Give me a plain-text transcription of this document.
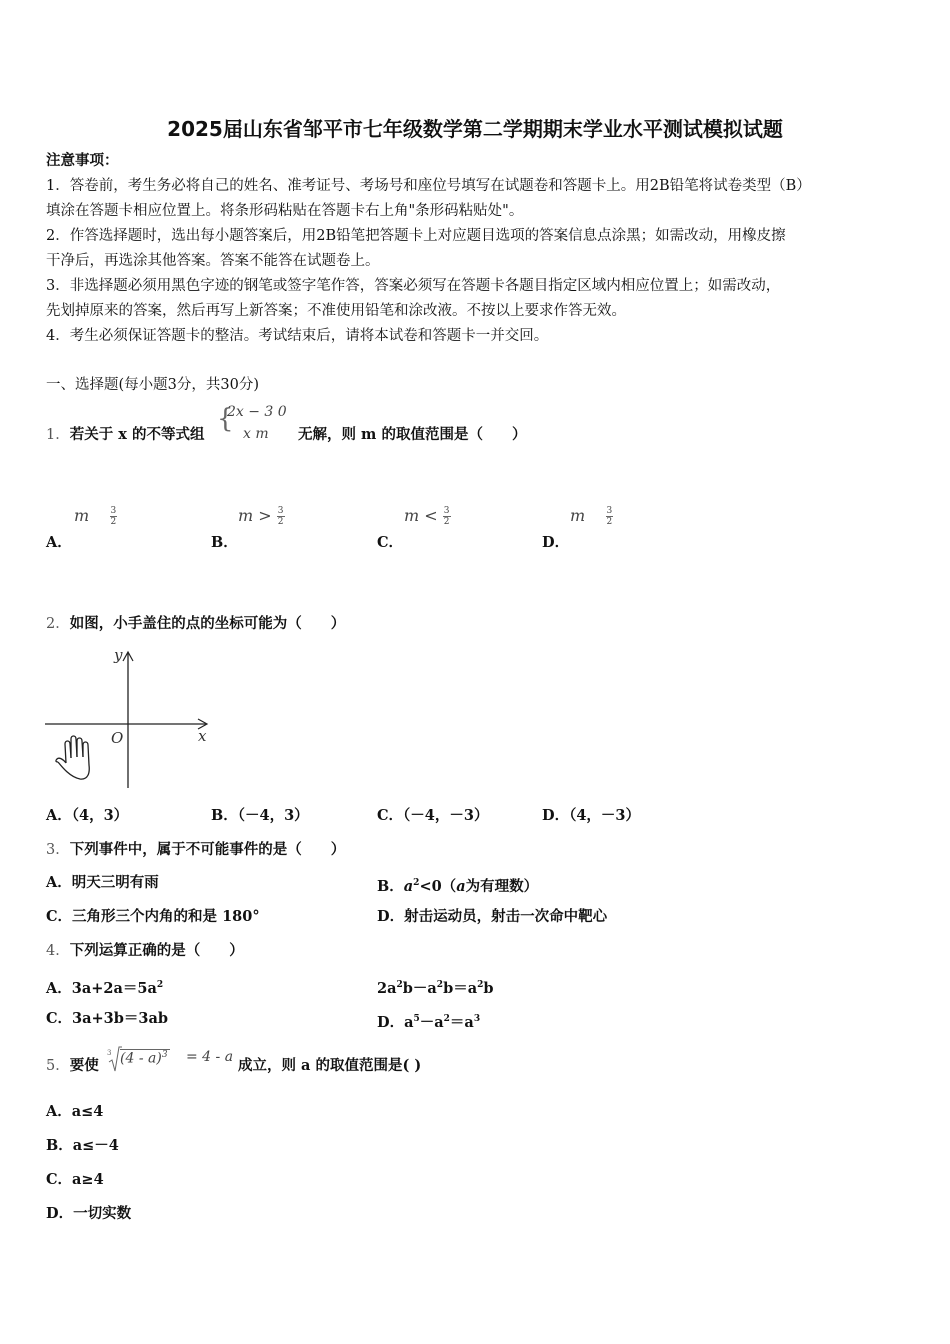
2025届山东省邹平市七年级数学第二学期期末学业水平测试模拟试题
注意事项：
1．答卷前，考生务必将自己的姓名、准考证号、考场号和座位号填写在试题卷和答题卡上。用2B铅笔将试卷类型（B）
填涂在答题卡相应位置上。将条形码粘贴在答题卡右上角"条形码粘贴处"。
2．作答选择题时，选出每小题答案后，用2B铅笔把答题卡上对应题目选项的答案信息点涂黑；如需改动，用橡皮擦
干净后，再选涂其他答案。答案不能答在试题卷上。
3．非选择题必须用黑色字迹的钢笔或签字笔作答，答案必须写在答题卡各题目指定区域内相应位置上；如需改动，
先划掉原来的答案，然后再写上新答案；不准使用铅笔和涂改液。不按以上要求作答无效。
4．考生必须保证答题卡的整洁。考试结束后，请将本试卷和答题卡一并交回。
一、选择题(每小题3分，共30分)
1．若关于 x 的不等式组
{
2x − 3 0
x m 无解，则 m 的取值范围是（　　）
m $\frac{3}{2}$
A．
$m > \frac{3}{2}$
B．
$m < \frac{3}{2}$
C．
m $\frac{3}{2}$
D．
2．如图，小手盖住的点的坐标可能为（　　）
y
x
O
A．（4，3）	B．（－4，3）	C．（－4，－3）	D．（4，－3）
3．下列事件中，属于不可能事件的是（　　）
A．明天三明有雨	B．$a^2<0(a$为有理数）
C．三角形三个内角的和是 180°	D．射击运动员，射击一次命中靶心
4．下列运算正确的是（　　）
A．$3a+2a=5a^2$	$2a^2b-a^2b=a^2b$
C．3a+3b＝3ab	D．$a^5-a^2=a^3$
5．要使
3 (4 - a)$^3$ = 4 - a 成立，则 a 的取值范围是( )
A．a≤4
B．a≤－4
C．a≥4
D．一切实数
